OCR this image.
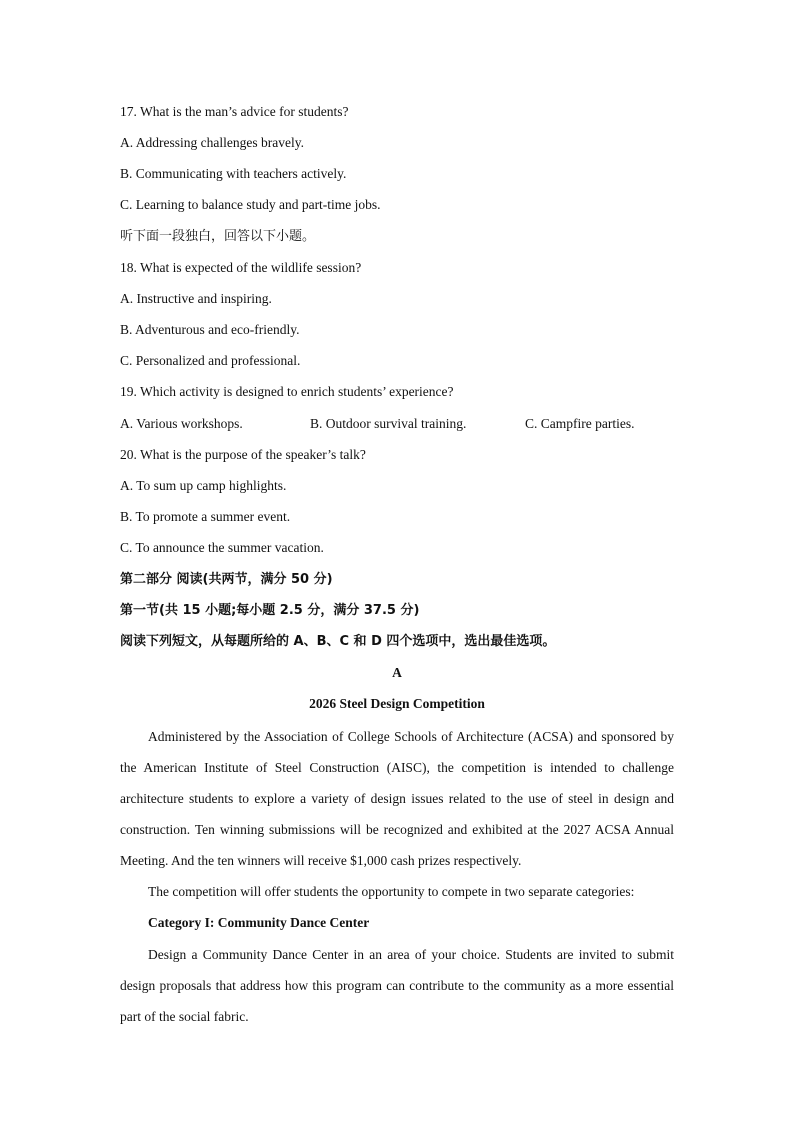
17. What is the man’s advice for students?
A. Addressing challenges bravely.
B. Communicating with teachers actively.
C. Learning to balance study and part-time jobs.
听下面一段独白，回答以下小题。
18. What is expected of the wildlife session?
A. Instructive and inspiring.
B. Adventurous and eco-friendly.
C. Personalized and professional.
19. Which activity is designed to enrich students’ experience?
A. Various workshops.	B. Outdoor survival training.	C. Campfire parties.
20. What is the purpose of the speaker’s talk?
A. To sum up camp highlights.
B. To promote a summer event.
C. To announce the summer vacation.
第二部分 阅读(共两节，满分 50 分)
第一节(共 15 小题;每小题 2.5 分，满分 37.5 分)
阅读下列短文，从每题所给的 A、B、C 和 D 四个选项中，选出最佳选项。
A
2026 Steel Design Competition
Administered by the Association of College Schools of Architecture (ACSA) and sponsored by the American Institute of Steel Construction (AISC), the competition is intended to challenge architecture students to explore a variety of design issues related to the use of steel in design and construction. Ten winning submissions will be recognized and exhibited at the 2027 ACSA Annual Meeting. And the ten winners will receive $1,000 cash prizes respectively.
The competition will offer students the opportunity to compete in two separate categories:
Category I: Community Dance Center
Design a Community Dance Center in an area of your choice. Students are invited to submit design proposals that address how this program can contribute to the community as a more essential part of the social fabric.
